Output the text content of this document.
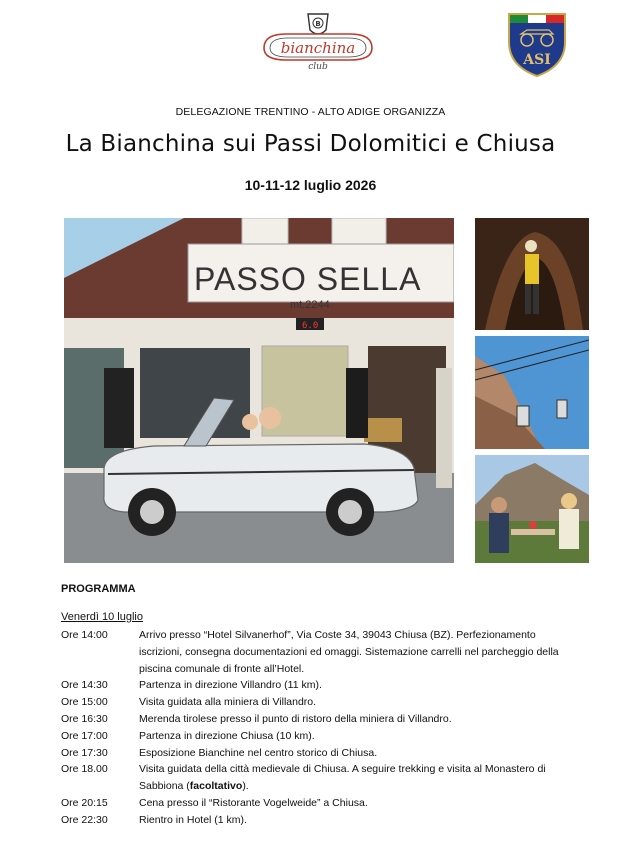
B
bianchina
club	ASI
DELEGAZIONE TRENTINO - ALTO ADIGE ORGANIZZA
La Bianchina sui Passi Dolomitici e Chiusa
10-11-12 luglio 2026
PASSO SELLA
mt.2244
6.0
PROGRAMMA
Venerdì 10 luglio
Ore 14:00	Arrivo presso “Hotel Silvanerhof”, Via Coste 34, 39043 Chiusa (BZ). Perfezionamento iscrizioni, consegna documentazioni ed omaggi. Sistemazione carrelli nel parcheggio della piscina comunale di fronte all’Hotel.
Ore 14:30	Partenza in direzione Villandro (11 km).
Ore 15:00	Visita guidata alla miniera di Villandro.
Ore 16:30	Merenda tirolese presso il punto di ristoro della miniera di Villandro.
Ore 17:00	Partenza in direzione Chiusa (10 km).
Ore 17:30	Esposizione Bianchine nel centro storico di Chiusa.
Ore 18.00	Visita guidata della città medievale di Chiusa. A seguire trekking e visita al Monastero di Sabbiona (facoltativo).
Ore 20:15	Cena presso il “Ristorante Vogelweide” a Chiusa.
Ore 22:30	Rientro in Hotel (1 km).
